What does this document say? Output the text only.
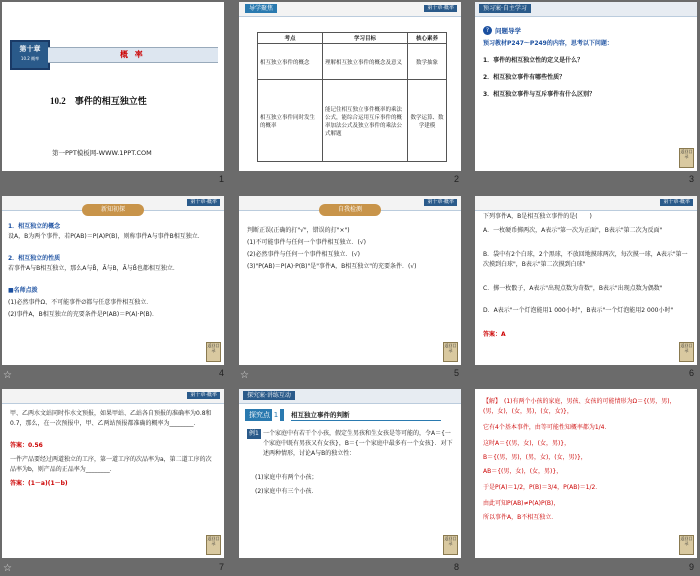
第十章
10.2 概率	概 率
10.2　事件的相互独立性
第一PPT模板网-WWW.1PPT.COM
1
导学聚焦	第十章·概率
考点	学习目标	核心素养
相互独立事件的概念	理解相互独立事件的概念及意义	数学抽象
相互独立事件同时发生的概率	能记住相互独立事件概率的乘法公式，能综合运用互斥事件的概率加法公式及独立事件的乘法公式解题	数学运算、数学建模
2
预习案·自主学习
? 问题导学
预习教材P247～P249的内容，思考以下问题：
1．事件的相互独立性的定义是什么？
2．相互独立事件有哪些性质？
3．相互独立事件与互斥事件有什么区别？
返回目录
3
第十章·概率
新知初探
1．相互独立的概念
设A，B为两个事件，若P(AB)＝P(A)P(B)，则称事件A与事件B相互独立．
2．相互独立的性质
若事件A与B相互独立，那么A与B̄，Ā与B，Ā与B̄也都相互独立．
■名师点拨
(1)必然事件Ω、不可能事件∅都与任意事件相互独立．
(2)事件A，B相互独立的充要条件是P(AB)＝P(A)·P(B)．
返回目录
☆	4
第十章·概率
自我检测
判断正误(正确的打"√"，错误的打"×")
(1)不可能事件与任何一个事件相互独立．(√)
(2)必然事件与任何一个事件相互独立．(√)
(3)"P(AB)＝P(A)·P(B)"是"事件A，B相互独立"的充要条件．(√)
返回目录
☆	5
第十章·概率
下列事件A，B是相互独立事件的是(　　)
A．一枚硬币掷两次，A表示"第一次为正面"，B表示"第二次为反面"
B．袋中有2个白球，2个黑球，不放回地摸球两次，每次摸一球，A表示"第一次摸到白球"，B表示"第二次摸到白球"
C．掷一枚骰子，A表示"出现点数为奇数"，B表示"出现点数为偶数"
D．A表示"一个灯泡能用1 000小时"，B表示"一个灯泡能用2 000小时"
答案：A
返回目录
6
第十章·概率
甲、乙两水文站同时作水文预报，如果甲站、乙站各自预报的准确率为0.8和0.7，那么，在一次预报中，甲、乙两站预报都准确的概率为________．
答案：0.56
一件产品要经过两道独立的工序，第一道工序的次品率为a，第二道工序的次品率为b，则产品的正品率为________．
答案：(1－a)(1－b)
返回目录
☆	7
探究案·讲练互动
探究点 1	相互独立事件的判断
例1 一个家庭中有若干个小孩，假定生男孩和生女孩是等可能的，令A＝{一个家庭中既有男孩又有女孩}，B＝{一个家庭中最多有一个女孩}．对下述两种情形，讨论A与B的独立性：
(1)家庭中有两个小孩；
(2)家庭中有三个小孩．
返回目录
8
【解】　(1)有两个小孩的家庭，男孩、女孩的可能情形为Ω＝{(男，男)，(男，女)，(女，男)，(女，女)}，
它有4个基本事件，由等可能性知概率都为1/4．
这时A＝{(男，女)，(女，男)}，
B＝{(男，男)，(男，女)，(女，男)}，
AB＝{(男，女)，(女，男)}，
于是P(A)＝1/2，P(B)＝3/4，P(AB)＝1/2．
由此可知P(AB)≠P(A)P(B)，
所以事件A，B不相互独立．
返回目录
9
